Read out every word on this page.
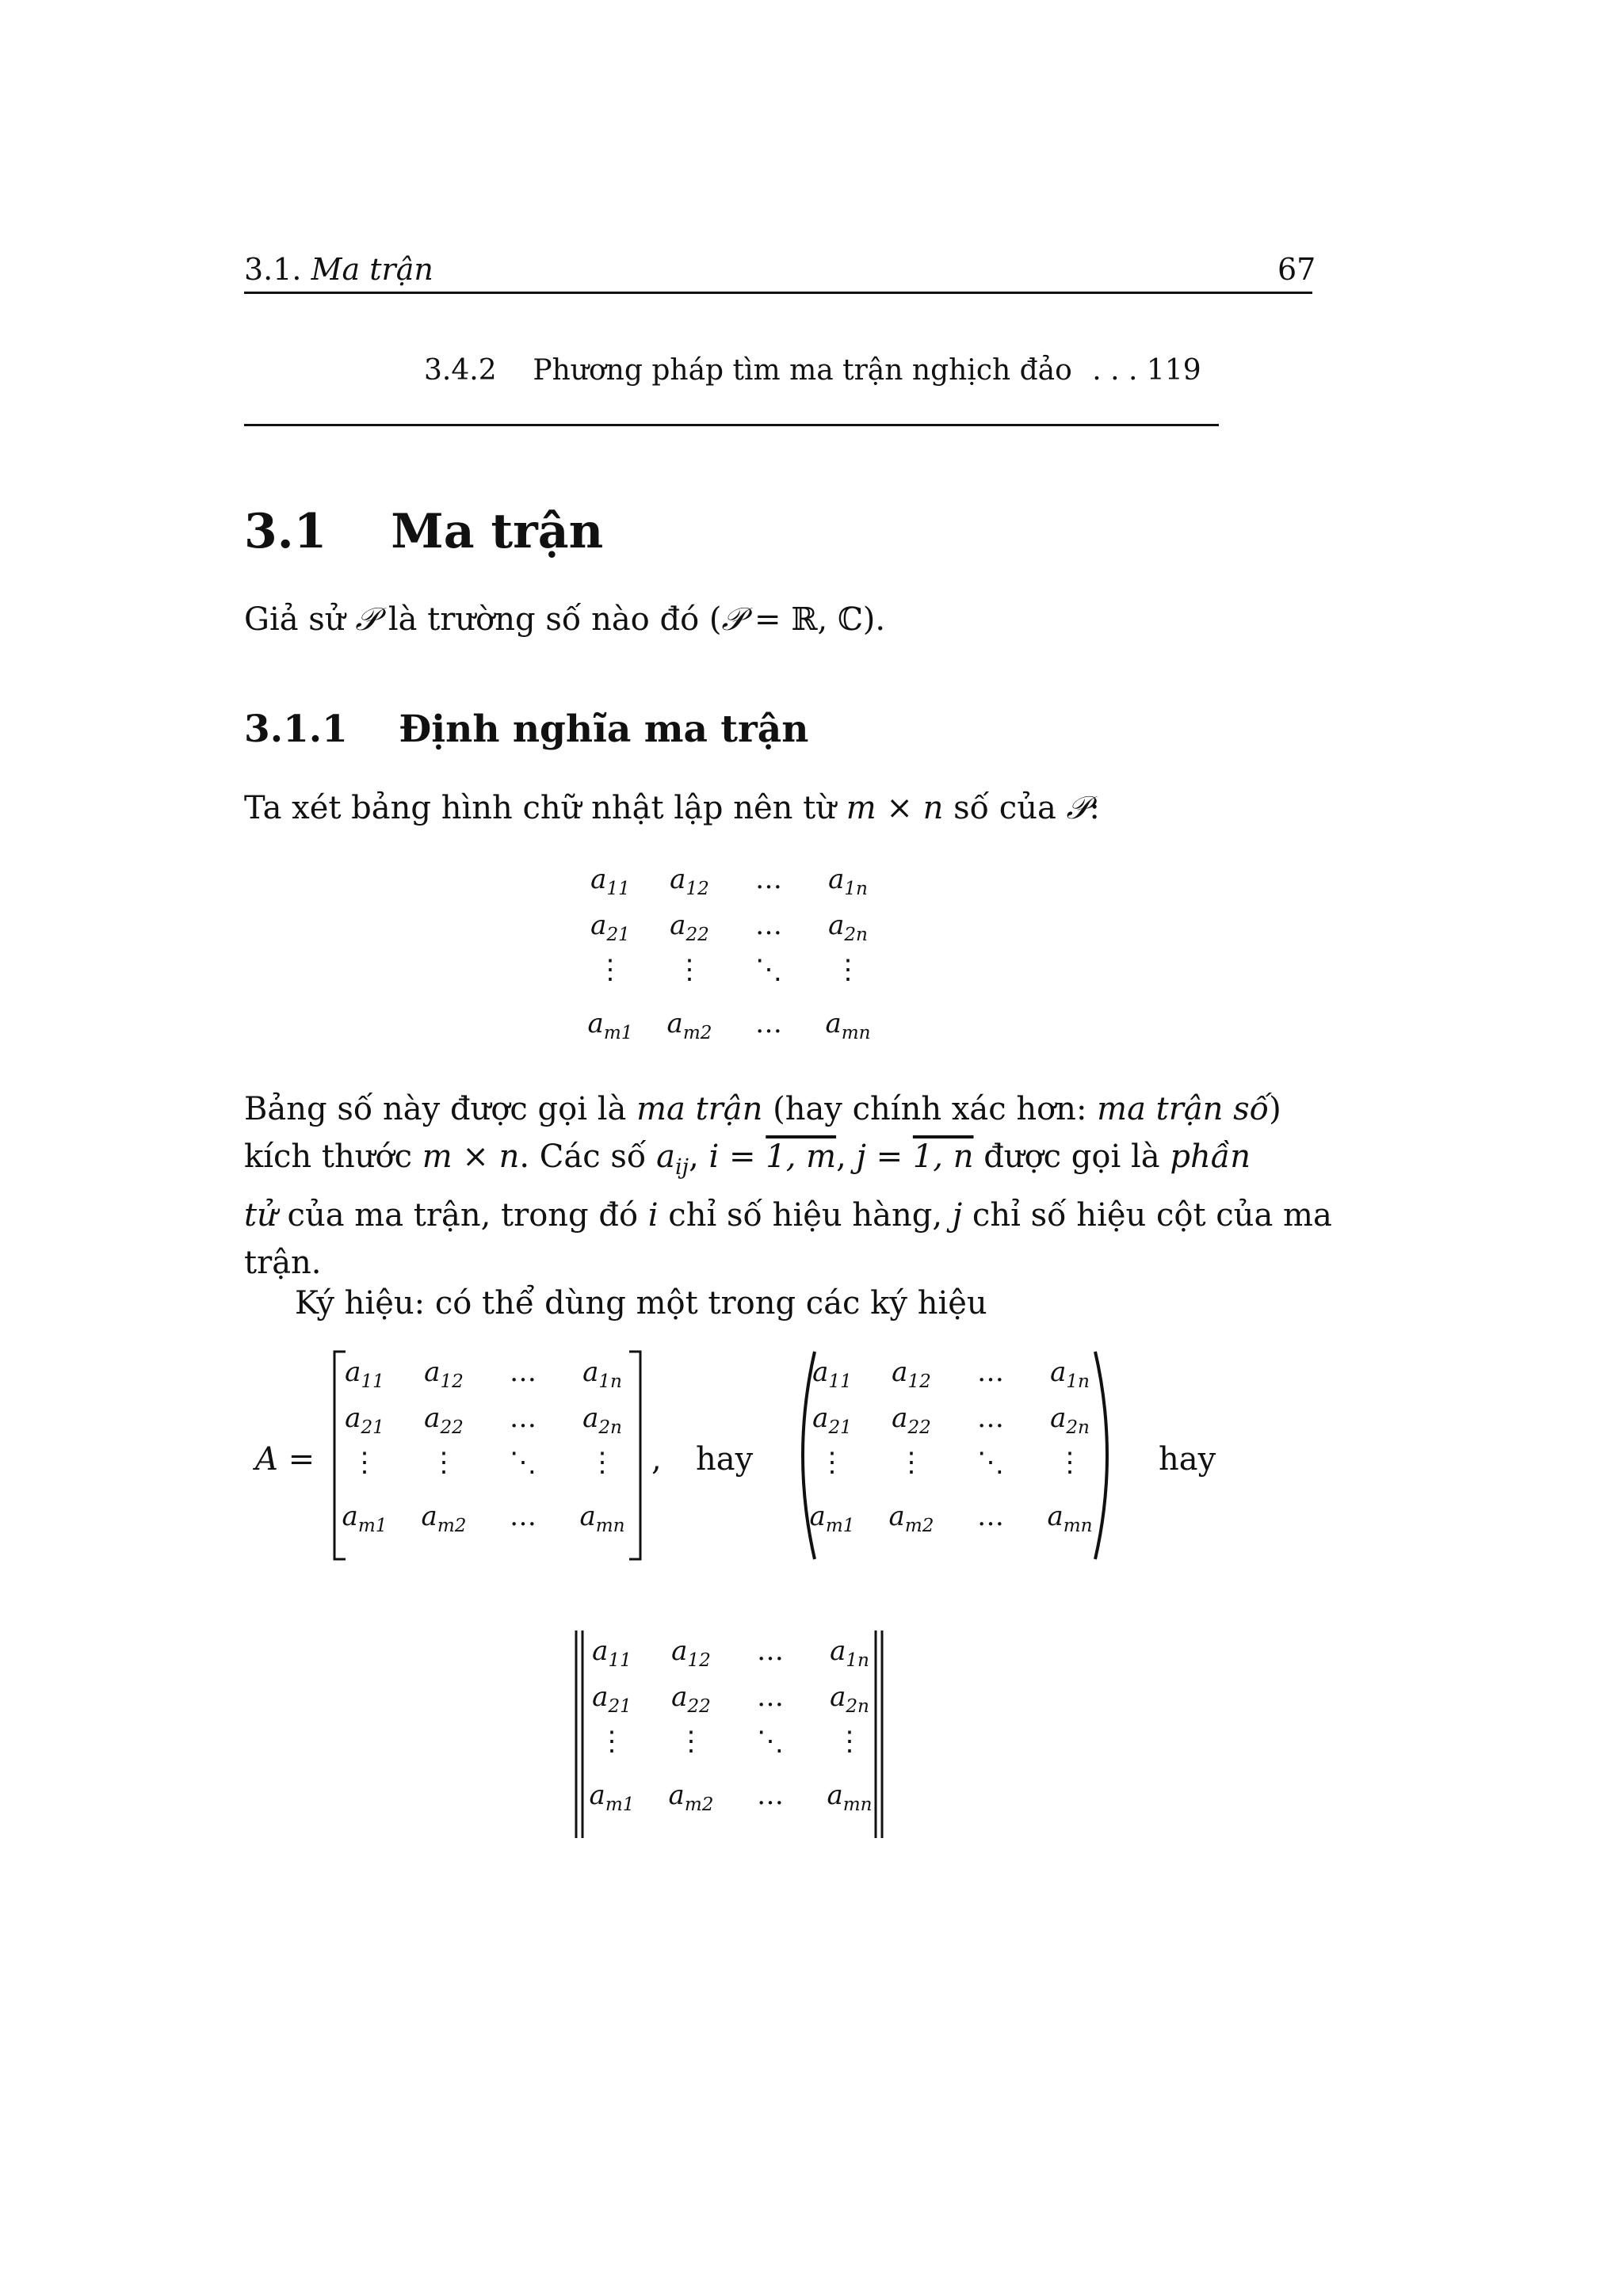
3.1. Ma trận	67
3.4.2 Phương pháp tìm ma trận nghịch đảo . . . 119
3.1 Ma trận
Giả sử 𝒫 là trường số nào đó (𝒫 = ℝ, ℂ).
3.1.1 Định nghĩa ma trận
Ta xét bảng hình chữ nhật lập nên từ m × n số của 𝒫:
$a_{11}$	$a_{12}$	…	$a_{1n}$
$a_{21}$	$a_{22}$	…	$a_{2n}$
⋮	⋮	⋱	⋮
$a_{m1}$	$a_{m2}$	…	$a_{mn}$
Bảng số này được gọi là ma trận (hay chính xác hơn: ma trận số)
kích thước m × n. Các số $a_{ij}$, i = 1, m, j = 1, n được gọi là phần
tử của ma trận, trong đó i chỉ số hiệu hàng, j chỉ số hiệu cột của ma
trận.
Ký hiệu: có thể dùng một trong các ký hiệu
A =
$a_{11}$	$a_{12}$	…	$a_{1n}$
$a_{21}$	$a_{22}$	…	$a_{2n}$
⋮	⋮	⋱	⋮
$a_{m1}$	$a_{m2}$	…	$a_{mn}$
, hay
$a_{11}$	$a_{12}$	…	$a_{1n}$
$a_{21}$	$a_{22}$	…	$a_{2n}$
⋮	⋮	⋱	⋮
$a_{m1}$	$a_{m2}$	…	$a_{mn}$
hay
$a_{11}$	$a_{12}$	…	$a_{1n}$
$a_{21}$	$a_{22}$	…	$a_{2n}$
⋮	⋮	⋱	⋮
$a_{m1}$	$a_{m2}$	…	$a_{mn}$
